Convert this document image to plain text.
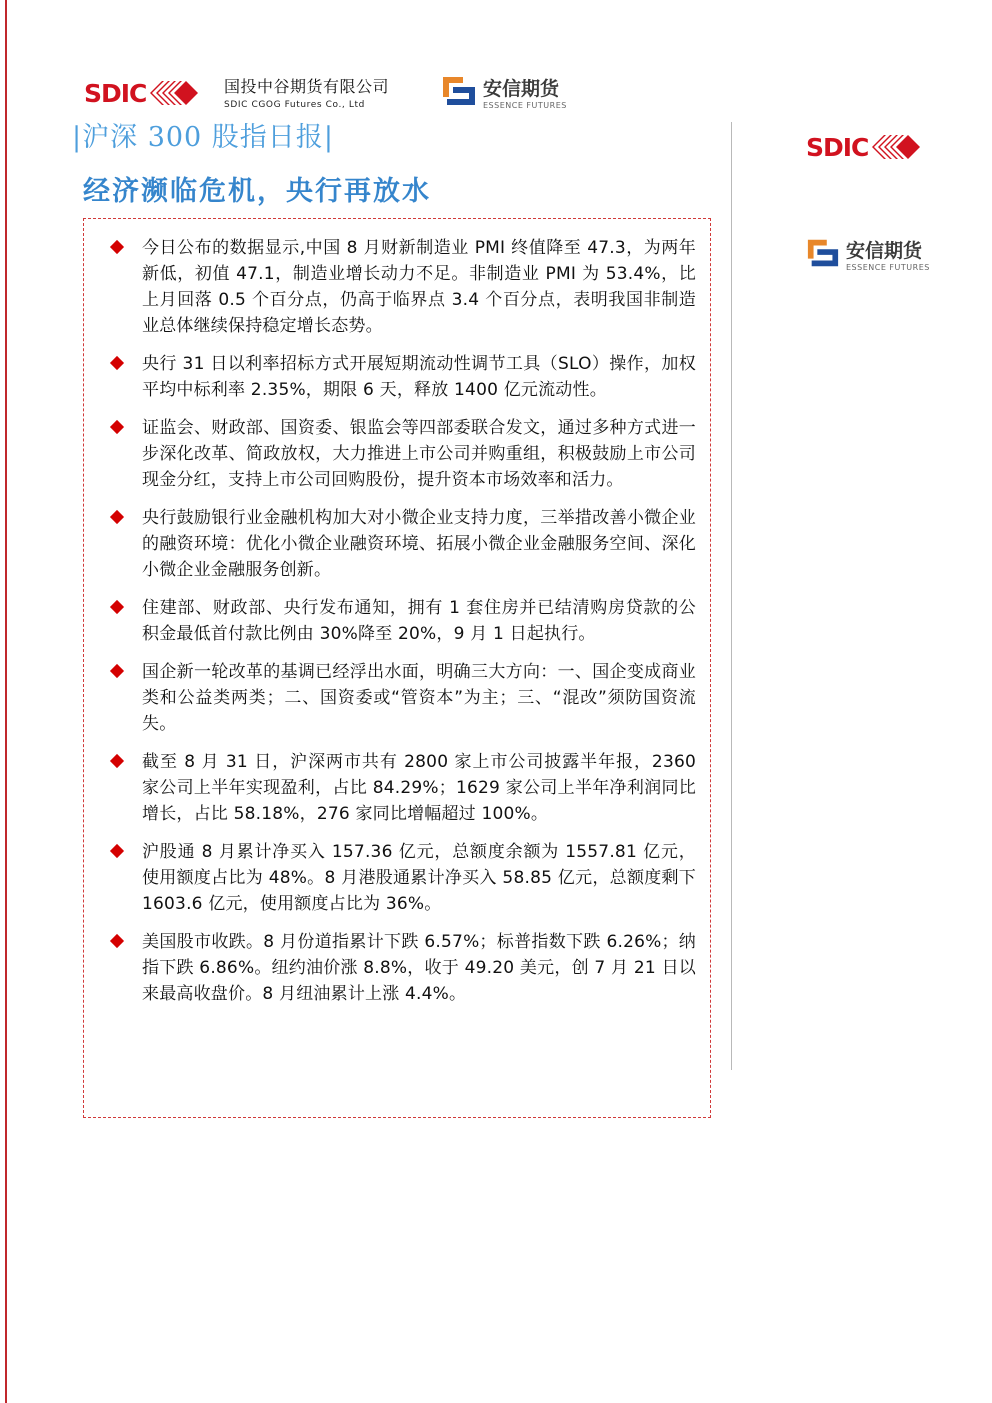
SDIC	国投中谷期货有限公司
SDIC CGOG Futures Co., Ltd
安信期货
ESSENCE FUTURES
SDIC
安信期货
ESSENCE FUTURES
|沪深 300 股指日报|
经济濒临危机，央行再放水
今日公布的数据显示,中国 8 月财新制造业 PMI 终值降至 47.3，为两年新低，初值 47.1，制造业增长动力不足。非制造业 PMI 为 53.4%，比上月回落 0.5 个百分点，仍高于临界点 3.4 个百分点，表明我国非制造业总体继续保持稳定增长态势。
央行 31 日以利率招标方式开展短期流动性调节工具（SLO）操作，加权平均中标利率 2.35%，期限 6 天，释放 1400 亿元流动性。
证监会、财政部、国资委、银监会等四部委联合发文，通过多种方式进一步深化改革、简政放权，大力推进上市公司并购重组，积极鼓励上市公司现金分红，支持上市公司回购股份，提升资本市场效率和活力。
央行鼓励银行业金融机构加大对小微企业支持力度，三举措改善小微企业的融资环境：优化小微企业融资环境、拓展小微企业金融服务空间、深化小微企业金融服务创新。
住建部、财政部、央行发布通知，拥有 1 套住房并已结清购房贷款的公积金最低首付款比例由 30%降至 20%，9 月 1 日起执行。
国企新一轮改革的基调已经浮出水面，明确三大方向：一、国企变成商业类和公益类两类；二、国资委或“管资本”为主；三、“混改”须防国资流失。
截至 8 月 31 日，沪深两市共有 2800 家上市公司披露半年报，2360 家公司上半年实现盈利，占比 84.29%；1629 家公司上半年净利润同比增长，占比 58.18%，276 家同比增幅超过 100%。
沪股通 8 月累计净买入 157.36 亿元，总额度余额为 1557.81 亿元，使用额度占比为 48%。8 月港股通累计净买入 58.85 亿元，总额度剩下 1603.6 亿元，使用额度占比为 36%。
美国股市收跌。8 月份道指累计下跌 6.57%；标普指数下跌 6.26%；纳指下跌 6.86%。纽约油价涨 8.8%，收于 49.20 美元，创 7 月 21 日以来最高收盘价。8 月纽油累计上涨 4.4%。
